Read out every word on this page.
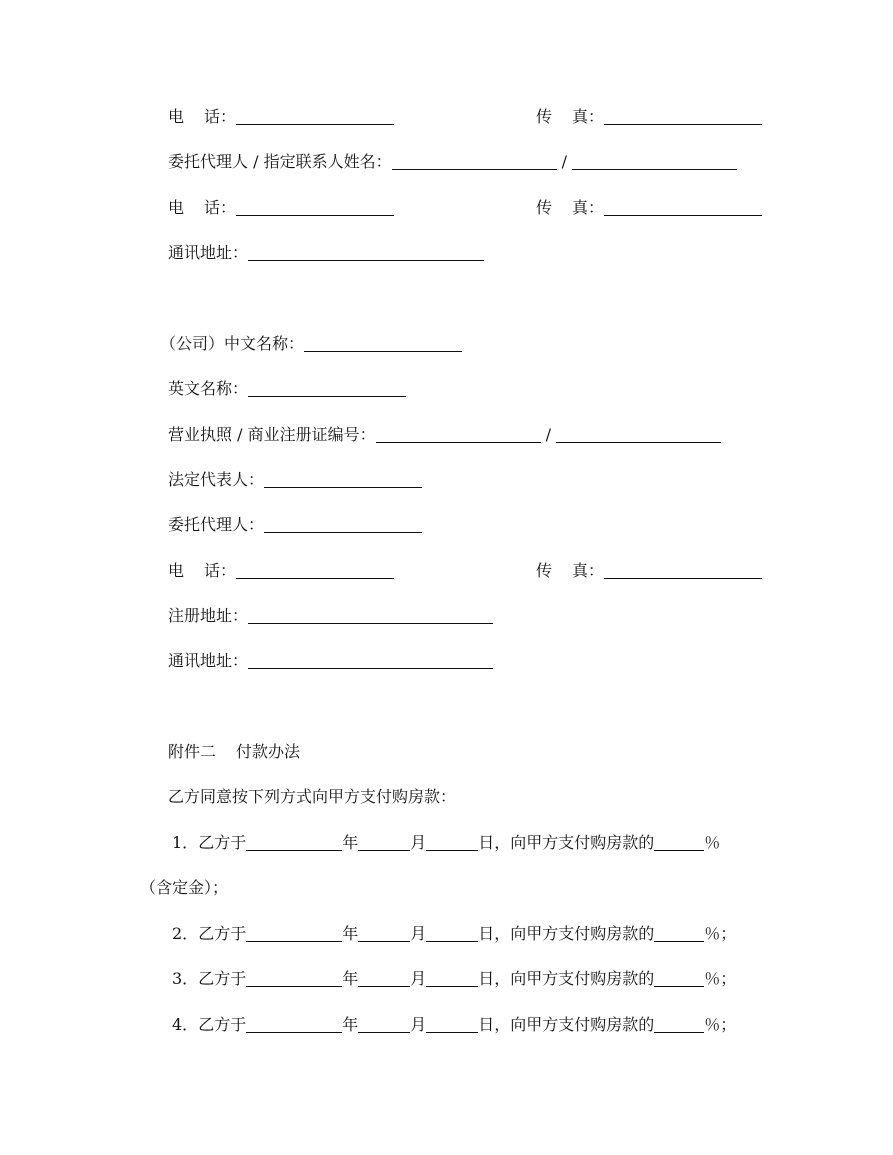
电 话：	传 真：
委托代理人 / 指定联系人姓名：	/
电 话：	传 真：
通讯地址：
（公司）中文名称：
英文名称：
营业执照 / 商业注册证编号：	/
法定代表人：
委托代理人：
电 话：	传 真：
注册地址：
通讯地址：
附件二 付款办法
乙方同意按下列方式向甲方支付购房款：
1．乙方于	年	月	日，向甲方支付购房款的	％
（含定金）；
2．乙方于	年	月	日，向甲方支付购房款的	％；
3．乙方于	年	月	日，向甲方支付购房款的	％；
4．乙方于	年	月	日，向甲方支付购房款的	％；
